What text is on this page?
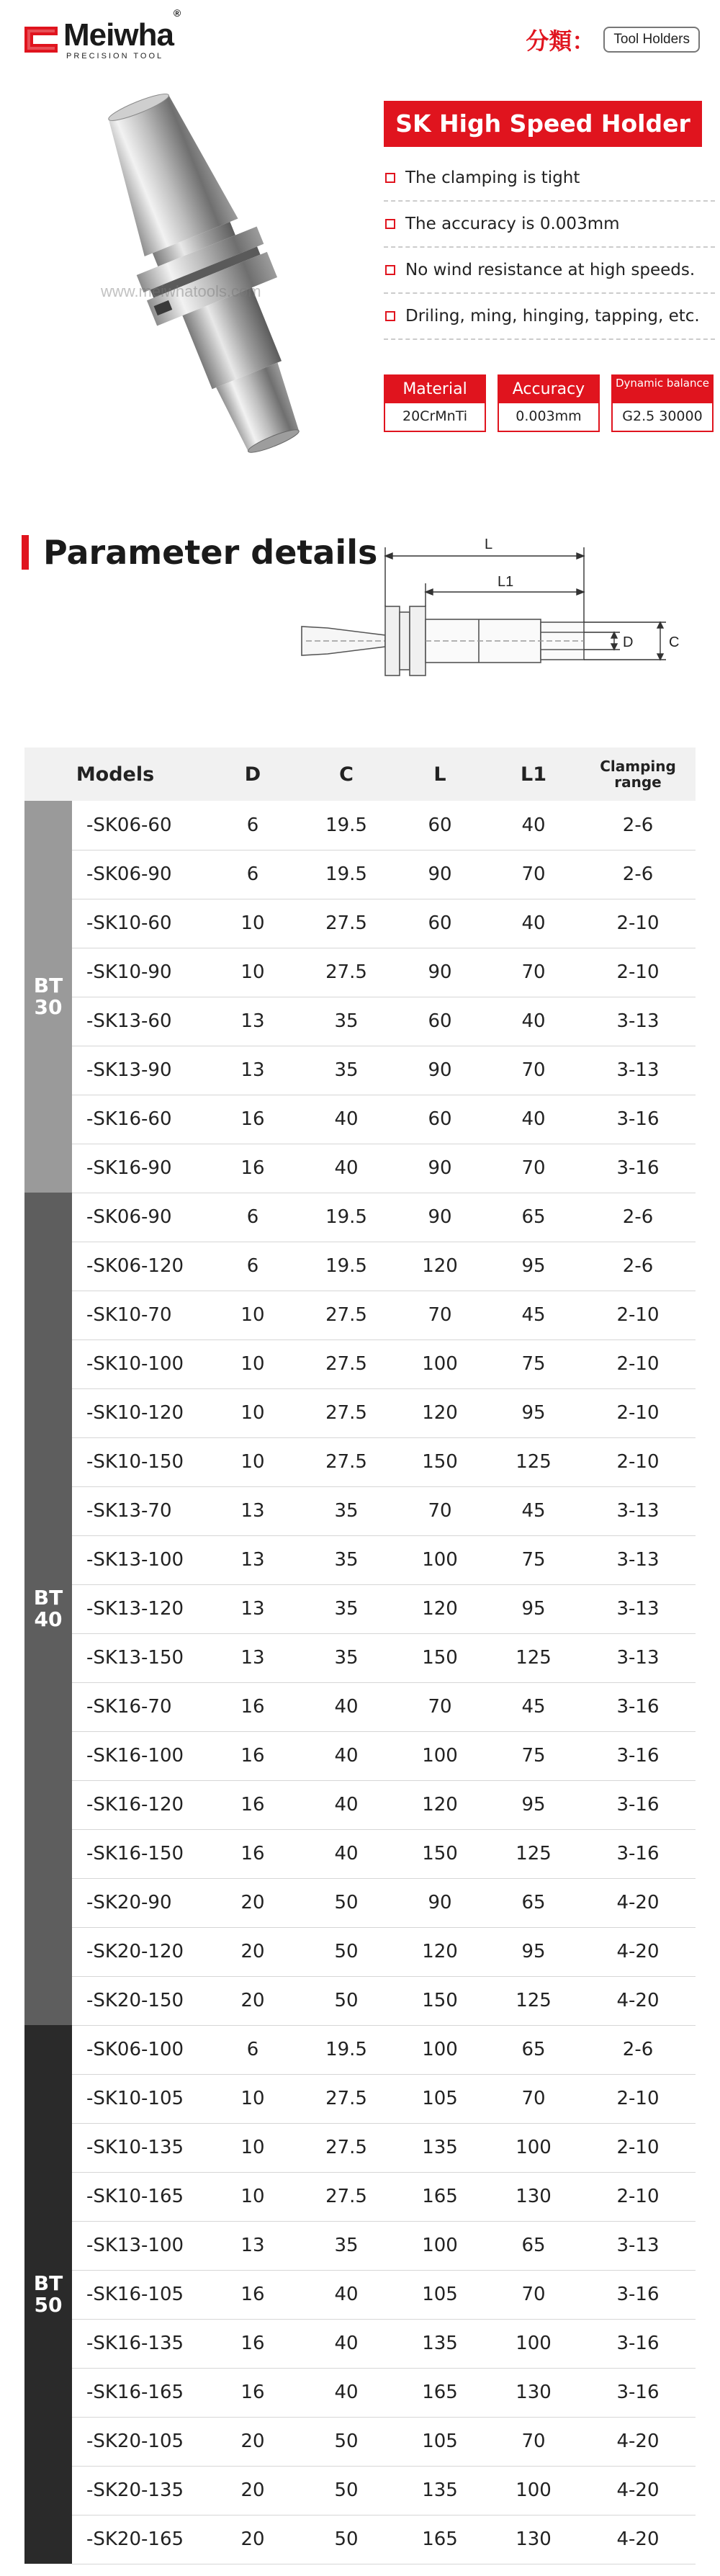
Meiwha®
PRECISION TOOL
分類：	Tool Holders
www.meiwhatools.com
SK High Speed Holder
The clamping is tight
The accuracy is 0.003mm
No wind resistance at high speeds.
Driling, ming, hinging, tapping, etc.
Material
20CrMnTi
Accuracy
0.003mm
Dynamic balance
G2.5 30000
Parameter details	L
L1
D C
Models		D	C	L	L1	Clamping range
BT 30	-SK06-60	6	19.5	60	40	2-6
	-SK06-90	6	19.5	90	70	2-6
	-SK10-60	10	27.5	60	40	2-10
	-SK10-90	10	27.5	90	70	2-10
	-SK13-60	13	35	60	40	3-13
	-SK13-90	13	35	90	70	3-13
	-SK16-60	16	40	60	40	3-16
	-SK16-90	16	40	90	70	3-16
BT 40	-SK06-90	6	19.5	90	65	2-6
	-SK06-120	6	19.5	120	95	2-6
	-SK10-70	10	27.5	70	45	2-10
	-SK10-100	10	27.5	100	75	2-10
	-SK10-120	10	27.5	120	95	2-10
	-SK10-150	10	27.5	150	125	2-10
	-SK13-70	13	35	70	45	3-13
	-SK13-100	13	35	100	75	3-13
	-SK13-120	13	35	120	95	3-13
	-SK13-150	13	35	150	125	3-13
	-SK16-70	16	40	70	45	3-16
	-SK16-100	16	40	100	75	3-16
	-SK16-120	16	40	120	95	3-16
	-SK16-150	16	40	150	125	3-16
	-SK20-90	20	50	90	65	4-20
	-SK20-120	20	50	120	95	4-20
	-SK20-150	20	50	150	125	4-20
BT 50	-SK06-100	6	19.5	100	65	2-6
	-SK10-105	10	27.5	105	70	2-10
	-SK10-135	10	27.5	135	100	2-10
	-SK10-165	10	27.5	165	130	2-10
	-SK13-100	13	35	100	65	3-13
	-SK16-105	16	40	105	70	3-16
	-SK16-135	16	40	135	100	3-16
	-SK16-165	16	40	165	130	3-16
	-SK20-105	20	50	105	70	4-20
	-SK20-135	20	50	135	100	4-20
	-SK20-165	20	50	165	130	4-20
